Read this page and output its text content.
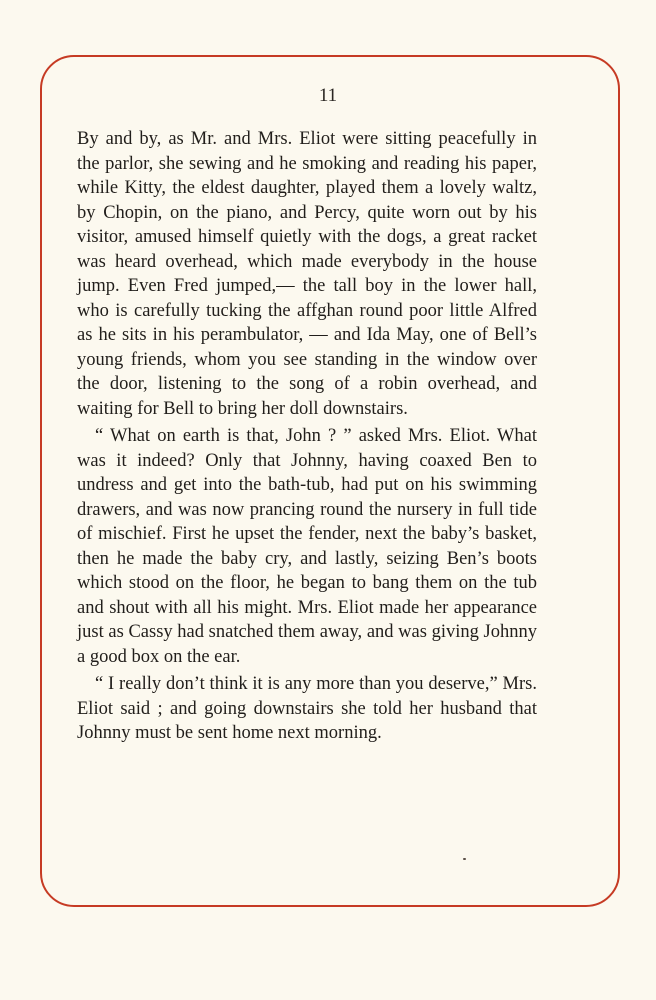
11

By and by, as Mr. and Mrs. Eliot were sitting peacefully in the parlor, she sewing and he smoking and reading his paper, while Kitty, the eldest daughter, played them a lovely waltz, by Chopin, on the piano, and Percy, quite worn out by his visitor, amused himself quietly with the dogs, a great racket was heard overhead, which made everybody in the house jump. Even Fred jumped,— the tall boy in the lower hall, who is carefully tucking the affghan round poor little Alfred as he sits in his perambulator, — and Ida May, one of Bell’s young friends, whom you see standing in the window over the door, listening to the song of a robin overhead, and waiting for Bell to bring her doll downstairs.

“ What on earth is that, John ? ” asked Mrs. Eliot. What was it indeed? Only that Johnny, having coaxed Ben to undress and get into the bath-tub, had put on his swimming drawers, and was now prancing round the nursery in full tide of mischief. First he upset the fender, next the baby’s basket, then he made the baby cry, and lastly, seizing Ben’s boots which stood on the floor, he began to bang them on the tub and shout with all his might. Mrs. Eliot made her appearance just as Cassy had snatched them away, and was giving Johnny a good box on the ear.

“ I really don’t think it is any more than you deserve,” Mrs. Eliot said ; and going downstairs she told her husband that Johnny must be sent home next morning.
